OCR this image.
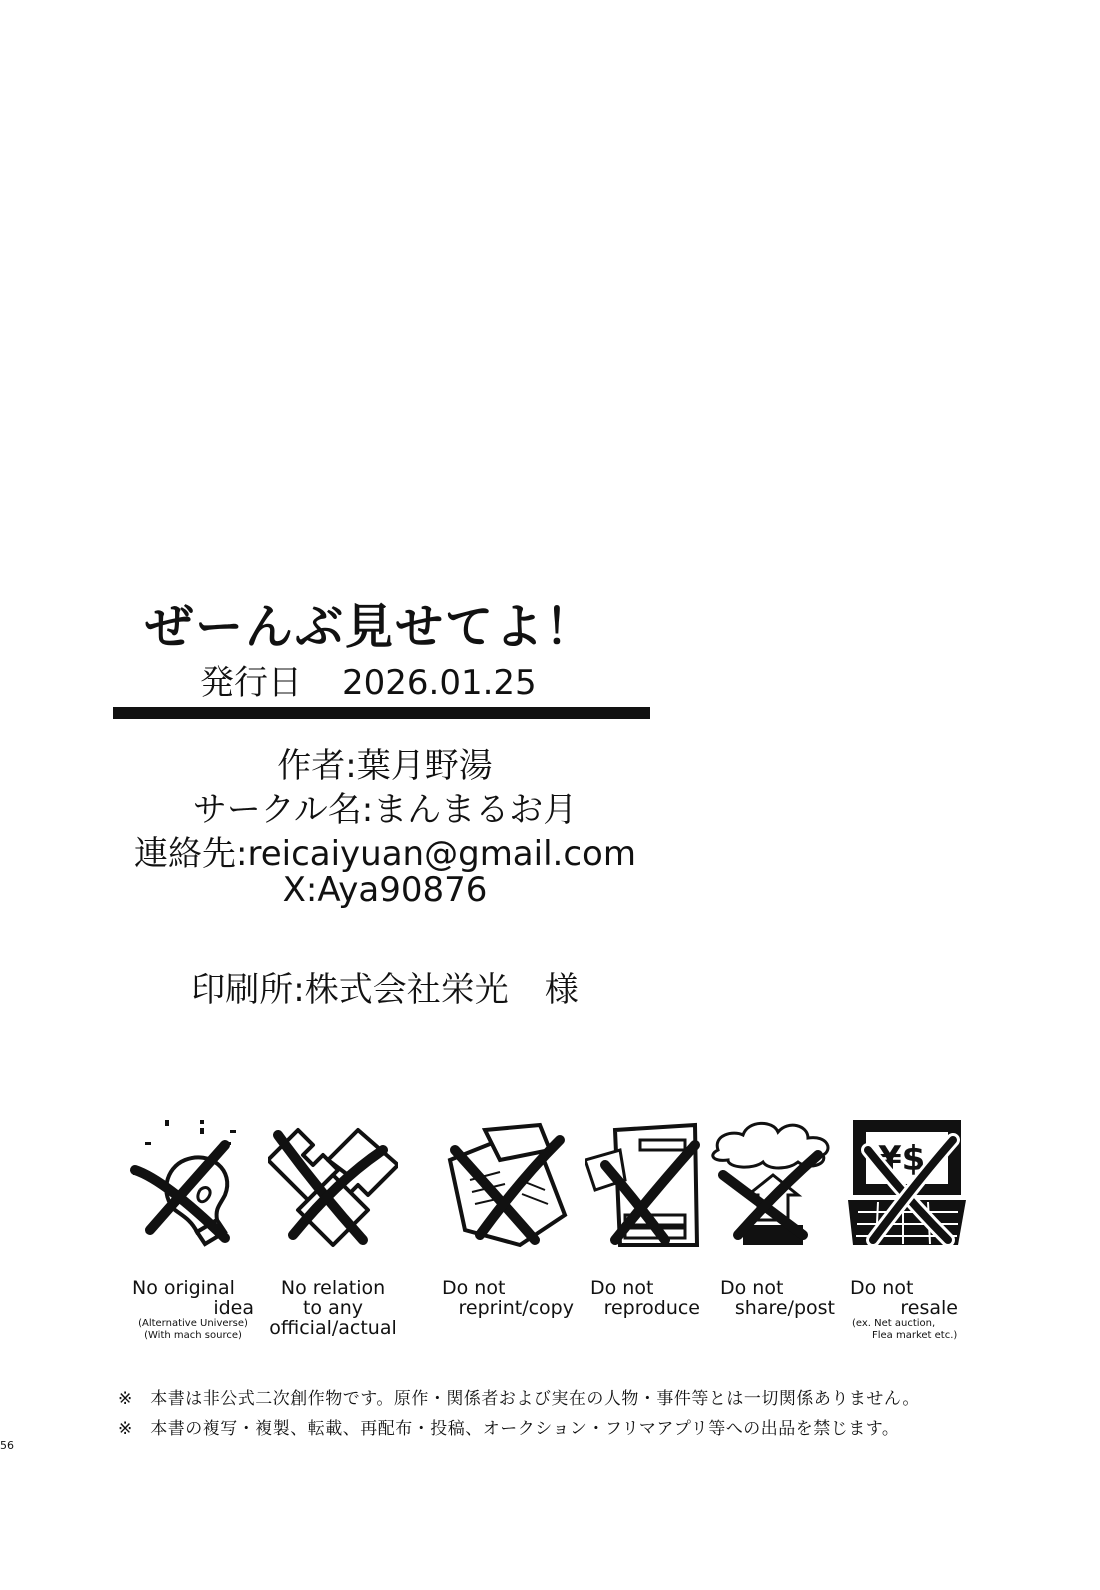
ぜーんぶ見せてよ！
発行日 2026.01.25
作者:葉月野湯
サークル名:まんまるお月
連絡先:reicaiyuan@gmail.com
X:Aya90876
印刷所:株式会社栄光 様
¥$
No original
idea
(Alternative Universe)
(With mach source)
No relation
to any
official/actual
Do not
reprint/copy
Do not
reproduce
Do not
share/post
Do not
resale
(ex. Net auction,
Flea market etc.)
※　本書は非公式二次創作物です。原作・関係者および実在の人物・事件等とは一切関係ありません。
※　本書の複写・複製、転載、再配布・投稿、オークション・フリマアプリ等への出品を禁じます。
56
